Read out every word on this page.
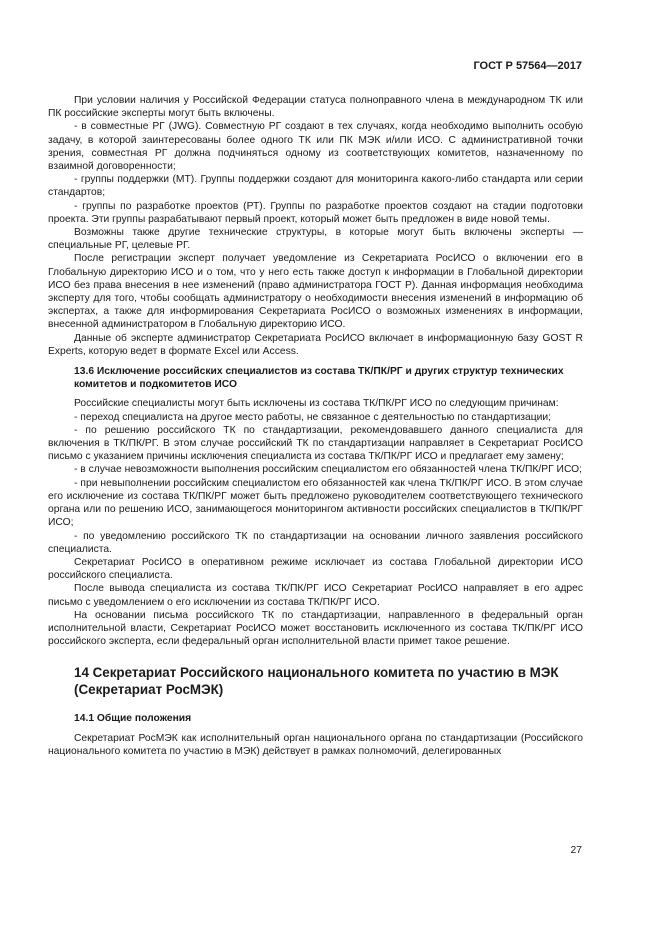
ГОСТ Р 57564—2017

При условии наличия у Российской Федерации статуса полноправного члена в международном ТК или ПК российские эксперты могут быть включены.

- в совместные РГ (JWG). Совместную РГ создают в тех случаях, когда необходимо выполнить особую задачу, в которой заинтересованы более одного ТК или ПК МЭК и/или ИСО. С административной точки зрения, совместная РГ должна подчиняться одному из соответствующих комитетов, назначенному по взаимной договоренности;

- группы поддержки (МТ). Группы поддержки создают для мониторинга какого-либо стандарта или серии стандартов;

- группы по разработке проектов (РТ). Группы по разработке проектов создают на стадии подготовки проекта. Эти группы разрабатывают первый проект, который может быть предложен в виде новой темы.

Возможны также другие технические структуры, в которые могут быть включены эксперты — специальные РГ, целевые РГ.

После регистрации эксперт получает уведомление из Секретариата РосИСО о включении его в Глобальную директорию ИСО и о том, что у него есть также доступ к информации в Глобальной директории ИСО без права внесения в нее изменений (право администратора ГОСТ Р). Данная информация необходима эксперту для того, чтобы сообщать администратору о необходимости внесения изменений в информацию об экспертах, а также для информирования Секретариата РосИСО о возможных изменениях в информации, внесенной администратором в Глобальную директорию ИСО.

Данные об эксперте администратор Секретариата РосИСО включает в информационную базу GOST R Experts, которую ведет в формате Excel или Access.

13.6 Исключение российских специалистов из состава ТК/ПК/РГ и других структур технических комитетов и подкомитетов ИСО

Российские специалисты могут быть исключены из состава ТК/ПК/РГ ИСО по следующим причинам:

- переход специалиста на другое место работы, не связанное с деятельностью по стандартизации;

- по решению российского ТК по стандартизации, рекомендовавшего данного специалиста для включения в ТК/ПК/РГ. В этом случае российский ТК по стандартизации направляет в Секретариат РосИСО письмо с указанием причины исключения специалиста из состава ТК/ПК/РГ ИСО и предлагает ему замену;

- в случае невозможности выполнения российским специалистом его обязанностей члена ТК/ПК/РГ ИСО;

- при невыполнении российским специалистом его обязанностей как члена ТК/ПК/РГ ИСО. В этом случае его исключение из состава ТК/ПК/РГ может быть предложено руководителем соответствующего технического органа или по решению ИСО, занимающегося мониторингом активности российских специалистов в ТК/ПК/РГ ИСО;

- по уведомлению российского ТК по стандартизации на основании личного заявления российского специалиста.

Секретариат РосИСО в оперативном режиме исключает из состава Глобальной директории ИСО российского специалиста.

После вывода специалиста из состава ТК/ПК/РГ ИСО Секретариат РосИСО направляет в его адрес письмо с уведомлением о его исключении из состава ТК/ПК/РГ ИСО.

На основании письма российского ТК по стандартизации, направленного в федеральный орган исполнительной власти, Секретариат РосИСО может восстановить исключенного из состава ТК/ПК/РГ ИСО российского эксперта, если федеральный орган исполнительной власти примет такое решение.

14 Секретариат Российского национального комитета по участию в МЭК (Секретариат РосМЭК)
14.1 Общие положения

Секретариат РосМЭК как исполнительный орган национального органа по стандартизации (Российского национального комитета по участию в МЭК) действует в рамках полномочий, делегированных

27
